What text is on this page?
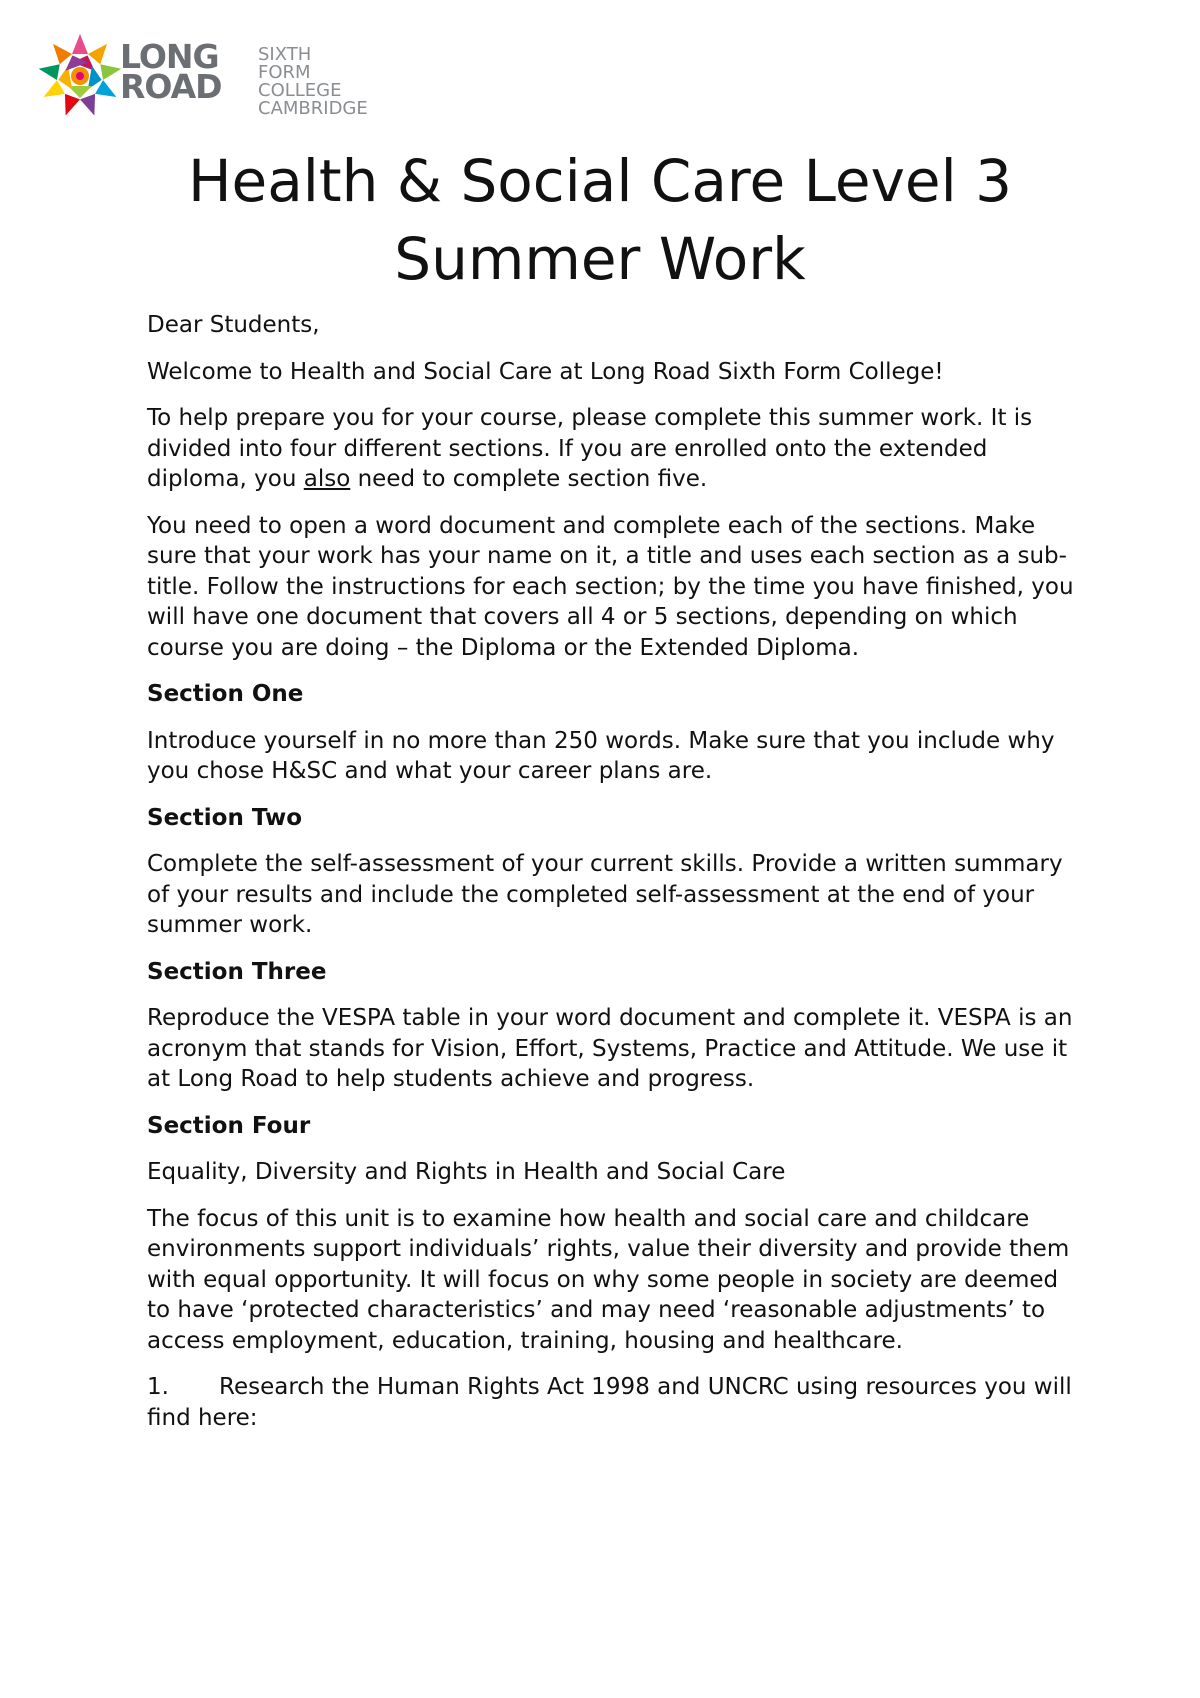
LONG
ROAD
SIXTH FORM
COLLEGE
CAMBRIDGE
Health & Social Care Level 3
Summer Work

Dear Students,

Welcome to Health and Social Care at Long Road Sixth Form College!

To help prepare you for your course, please complete this summer work. It is divided into four different sections. If you are enrolled onto the extended diploma, you also need to complete section five.

You need to open a word document and complete each of the sections. Make sure that your work has your name on it, a title and uses each section as a sub-title. Follow the instructions for each section; by the time you have finished, you will have one document that covers all 4 or 5 sections, depending on which course you are doing – the Diploma or the Extended Diploma.

Section One

Introduce yourself in no more than 250 words. Make sure that you include why you chose H&SC and what your career plans are.

Section Two

Complete the self-assessment of your current skills. Provide a written summary of your results and include the completed self-assessment at the end of your summer work.

Section Three

Reproduce the VESPA table in your word document and complete it. VESPA is an acronym that stands for Vision, Effort, Systems, Practice and Attitude. We use it at Long Road to help students achieve and progress.

Section Four

Equality, Diversity and Rights in Health and Social Care

The focus of this unit is to examine how health and social care and childcare environments support individuals’ rights, value their diversity and provide them with equal opportunity. It will focus on why some people in society are deemed to have ‘protected characteristics’ and may need ‘reasonable adjustments’ to access employment, education, training, housing and healthcare.

1. Research the Human Rights Act 1998 and UNCRC using resources you will find here:
